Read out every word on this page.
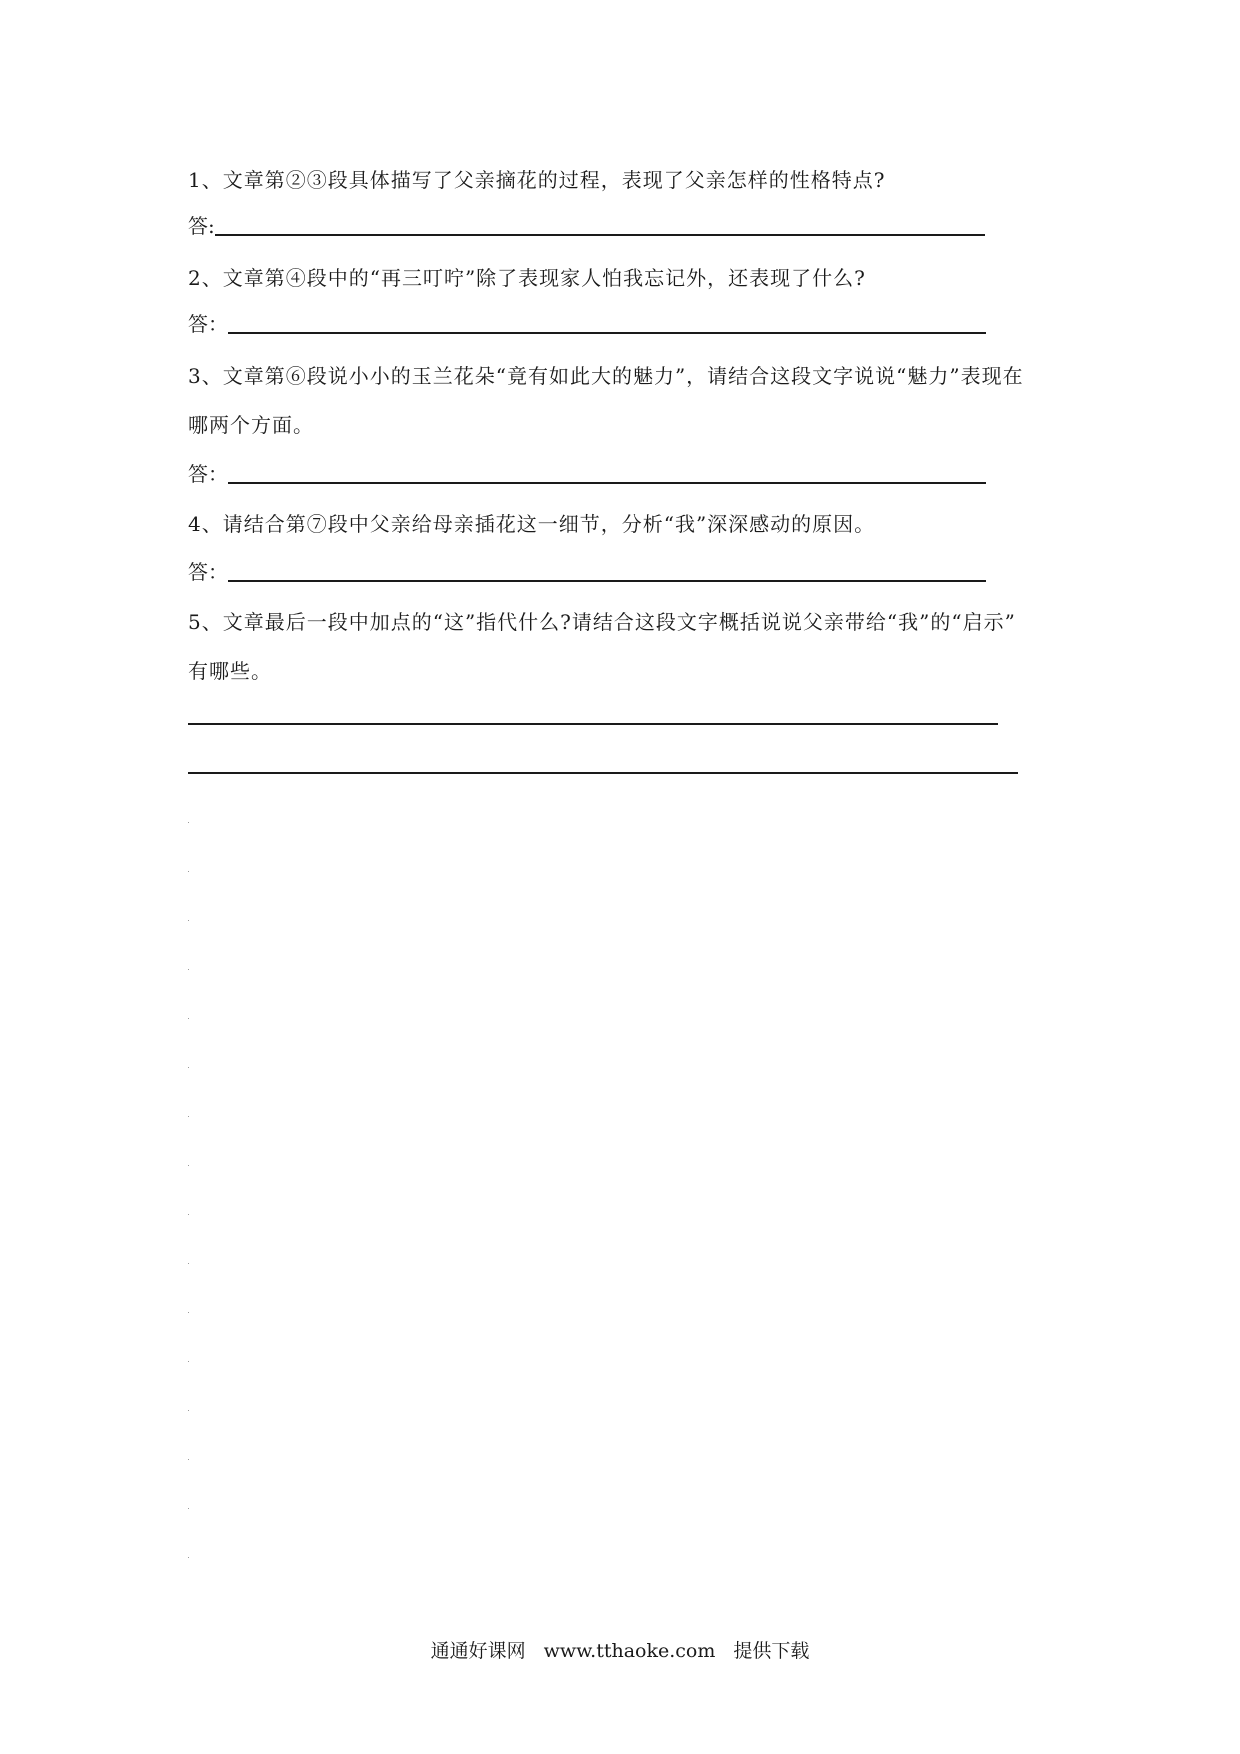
1、文章第②③段具体描写了父亲摘花的过程，表现了父亲怎样的性格特点?
答:
2、文章第④段中的“再三叮咛”除了表现家人怕我忘记外，还表现了什么?
答：
3、文章第⑥段说小小的玉兰花朵“竟有如此大的魅力”，请结合这段文字说说“魅力”表现在
哪两个方面。
答：
4、请结合第⑦段中父亲给母亲插花这一细节，分析“我”深深感动的原因。
答：
5、文章最后一段中加点的“这”指代什么?请结合这段文字概括说说父亲带给“我”的“启示”
有哪些。
通通好课网 www.tthaoke.com 提供下载
